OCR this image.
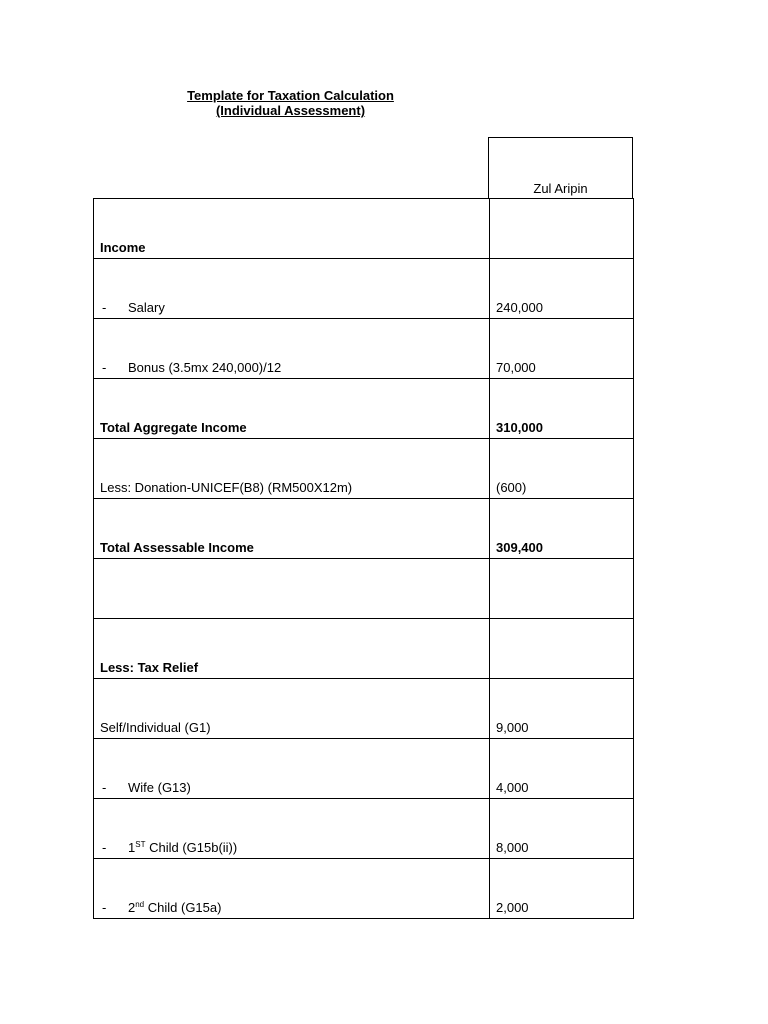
Template for Taxation Calculation
(Individual Assessment)
Zul Aripin
Income	
- Salary	240,000
- Bonus (3.5mx 240,000)/12	70,000
Total Aggregate Income	310,000
Less: Donation-UNICEF(B8) (RM500X12m)	(600)
Total Assessable Income	309,400

Less: Tax Relief	
Self/Individual (G1)	9,000
- Wife (G13)	4,000
- 1ST Child (G15b(ii))	8,000
- 2nd Child (G15a)	2,000
